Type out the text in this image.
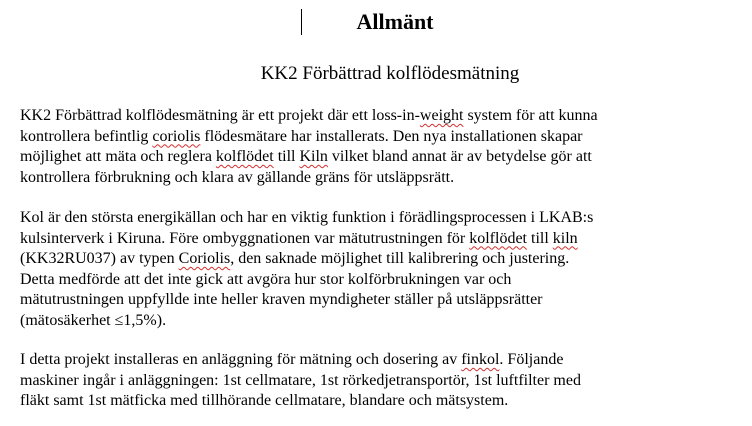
Allmänt
KK2 Förbättrad kolflödesmätning

KK2 Förbättrad kolflödesmätning är ett projekt där ett loss-in-weight system för att kunna
kontrollera befintlig coriolis flödesmätare har installerats. Den nya installationen skapar
möjlighet att mäta och reglera kolflödet till Kiln vilket bland annat är av betydelse gör att
kontrollera förbrukning och klara av gällande gräns för utsläppsrätt.

Kol är den största energikällan och har en viktig funktion i förädlingsprocessen i LKAB:s
kulsinterverk i Kiruna. Före ombyggnationen var mätutrustningen för kolflödet till kiln
(KK32RU037) av typen Coriolis, den saknade möjlighet till kalibrering och justering.
Detta medförde att det inte gick att avgöra hur stor kolförbrukningen var och
mätutrustningen uppfyllde inte heller kraven myndigheter ställer på utsläppsrätter
(mätosäkerhet ≤1,5%).

I detta projekt installeras en anläggning för mätning och dosering av finkol. Följande
maskiner ingår i anläggningen: 1st cellmatare, 1st rörkedjetransportör, 1st luftfilter med
fläkt samt 1st mätficka med tillhörande cellmatare, blandare och mätsystem.
